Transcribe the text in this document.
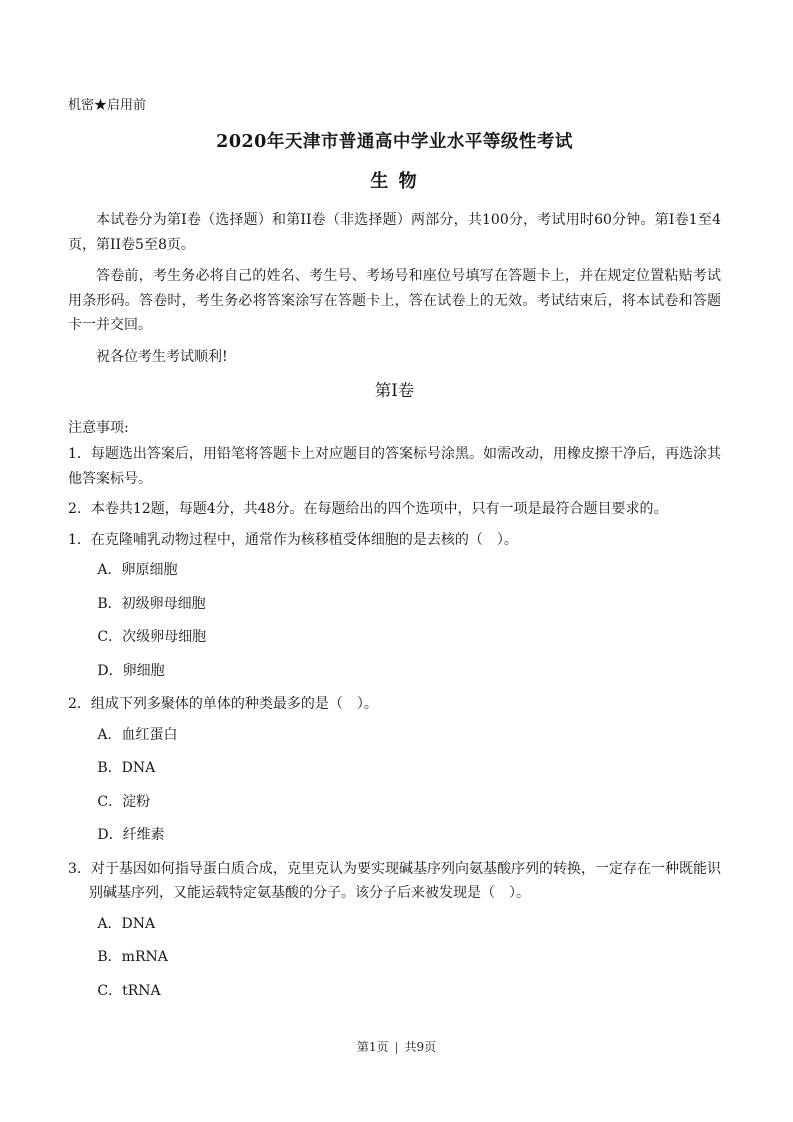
机密★启用前
2020年天津市普通高中学业水平等级性考试
生 物

本试卷分为第I卷（选择题）和第II卷（非选择题）两部分，共100分，考试用时60分钟。第I卷1至4页，第II卷5至8页。

答卷前，考生务必将自己的姓名、考生号、考场号和座位号填写在答题卡上，并在规定位置粘贴考试用条形码。答卷时，考生务必将答案涂写在答题卡上，答在试卷上的无效。考试结束后，将本试卷和答题卡一并交回。

祝各位考生考试顺利!

第I卷

注意事项:

1．每题选出答案后，用铅笔将答题卡上对应题目的答案标号涂黑。如需改动，用橡皮擦干净后，再选涂其他答案标号。

2．本卷共12题，每题4分，共48分。在每题给出的四个选项中，只有一项是最符合题目要求的。

1．在克隆哺乳动物过程中，通常作为核移植受体细胞的是去核的（　）。

A．卵原细胞

B．初级卵母细胞

C．次级卵母细胞

D．卵细胞

2．组成下列多聚体的单体的种类最多的是（　）。

A．血红蛋白

B．DNA

C．淀粉

D．纤维素

3．对于基因如何指导蛋白质合成，克里克认为要实现碱基序列向氨基酸序列的转换，一定存在一种既能识别碱基序列，又能运载特定氨基酸的分子。该分子后来被发现是（　）。

A．DNA

B．mRNA

C．tRNA

第1页 | 共9页
